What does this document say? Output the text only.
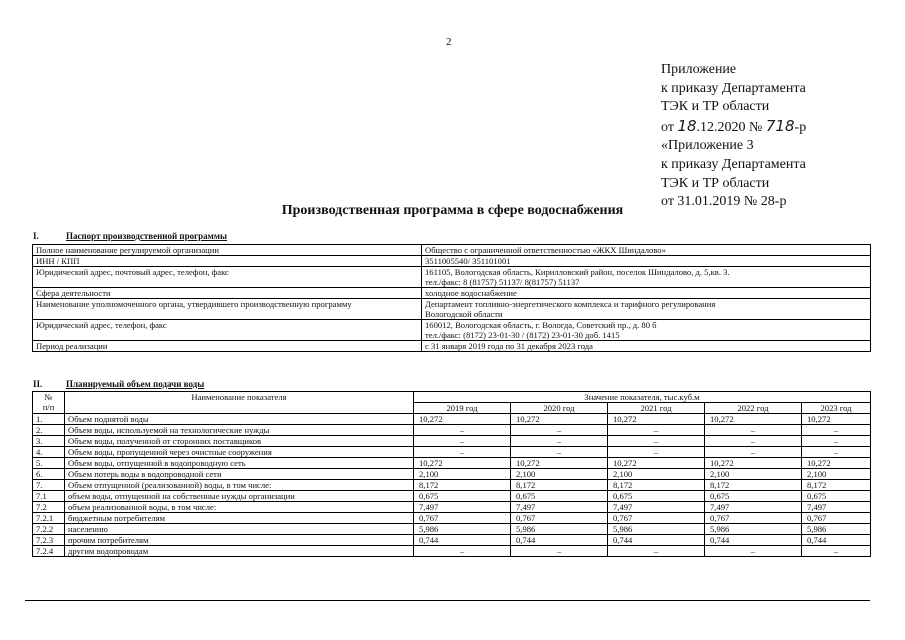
2
Приложение
к приказу Департамента
ТЭК и ТР области
от 18.12.2020 № 718-р
«Приложение 3
к приказу Департамента
ТЭК и ТР области
от 31.01.2019 № 28-р
Производственная программа в сфере водоснабжения
I.	Паспорт производственной программы
Полное наименование регулируемой организации	Общество с ограниченной ответственностью «ЖКХ Шиндалово»

ИНН / КПП	3511005540/ 351101001

Юридический адрес, почтовый адрес, телефон, факс	161105, Вологодская область, Кирилловский район, поселок Шиндалово, д. 5,кв. 3.
тел./факс: 8 (81757) 51137/ 8(81757) 51137

Сфера деятельности	холодное водоснабжение

Наименование уполномоченного органа, утвердившего производственную программу	Департамент топливно-энергетического комплекса и тарифного регулирования
Вологодской области

Юридический адрес, телефон, факс	160012, Вологодская область, г. Вологда, Советский пр., д. 80 б
тел./факс: (8172) 23-01-30 / (8172) 23-01-30 доб. 1415

Период реализации	с 31 января 2019 года по 31 декабря 2023 года
II.	Планируемый объем подачи воды
№
п/п	Наименование показателя	Значение показателя, тыс.куб.м				
		2019 год	2020 год	2021 год	2022 год	2023 год
1.	Объем поднятой воды	10,272	10,272	10,272	10,272	10,272
2.	Объем воды, используемой на технологические нужды	–	–	–	–	–
3.	Объем воды, полученной от сторонних поставщиков	–	–	–	–	–
4.	Объем воды, пропущенной через очистные сооружения	–	–	–	–	–
5.	Объем воды, отпущенной в водопроводную сеть	10,272	10,272	10,272	10,272	10,272
6.	Объем потерь воды в водопроводной сети	2,100	2,100	2,100	2,100	2,100
7.	Объем отпущенной (реализованной) воды, в том числе:	8,172	8,172	8,172	8,172	8,172
7.1	объем воды, отпущенной на собственные нужды организации	0,675	0,675	0,675	0,675	0,675
7.2	объем реализованной воды, в том числе:	7,497	7,497	7,497	7,497	7,497
7.2.1	бюджетным потребителям	0,767	0,767	0,767	0,767	0,767
7.2.2	населению	5,986	5,986	5,986	5,986	5,986
7.2.3	прочим потребителям	0,744	0,744	0,744	0,744	0,744
7.2.4	другим водопроводам	–	–	–	–	–
